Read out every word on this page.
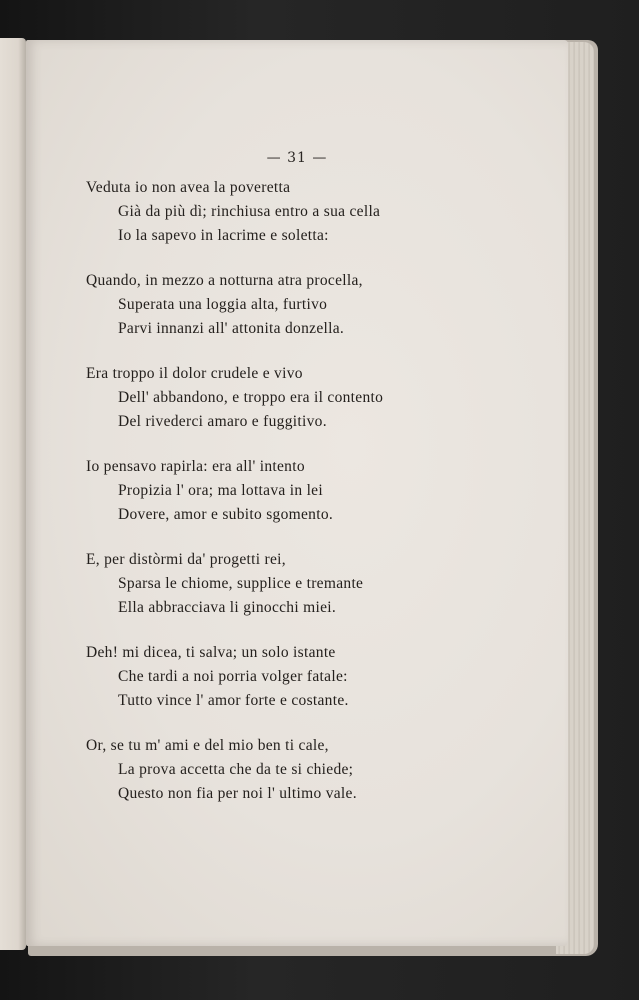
— 31 —
Veduta io non avea la poveretta
Già da più dì; rinchiusa entro a sua cella
Io la sapevo in lacrime e soletta:
Quando, in mezzo a notturna atra procella,
Superata una loggia alta, furtivo
Parvi innanzi all' attonita donzella.
Era troppo il dolor crudele e vivo
Dell' abbandono, e troppo era il contento
Del rivederci amaro e fuggitivo.
Io pensavo rapirla: era all' intento
Propizia l' ora; ma lottava in lei
Dovere, amor e subito sgomento.
E, per distòrmi da' progetti rei,
Sparsa le chiome, supplice e tremante
Ella abbracciava li ginocchi miei.
Deh! mi dicea, ti salva; un solo istante
Che tardi a noi porria volger fatale:
Tutto vince l' amor forte e costante.
Or, se tu m' ami e del mio ben ti cale,
La prova accetta che da te si chiede;
Questo non fia per noi l' ultimo vale.
